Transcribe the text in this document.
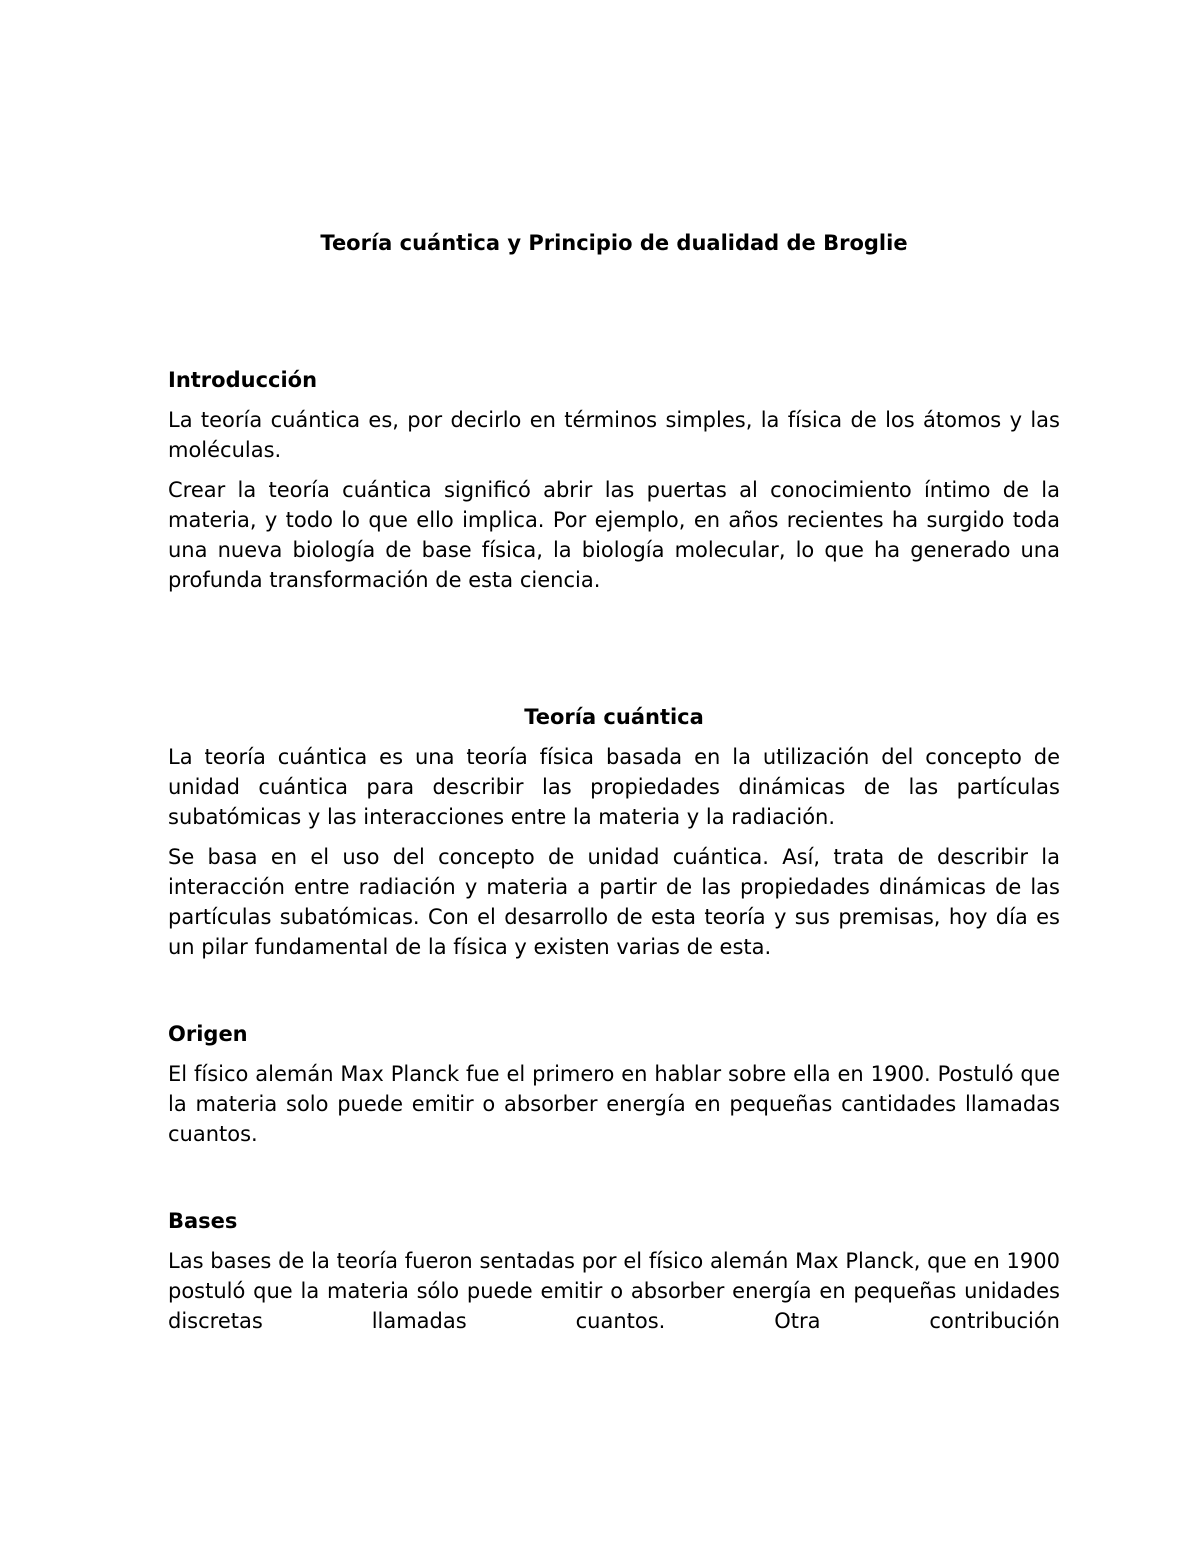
Teoría cuántica y Principio de dualidad de Broglie
Introducción

La teoría cuántica es, por decirlo en términos simples, la física de los átomos y las moléculas.

Crear la teoría cuántica significó abrir las puertas al conocimiento íntimo de la materia, y todo lo que ello implica. Por ejemplo, en años recientes ha surgido toda una nueva biología de base física, la biología molecular, lo que ha generado una profunda transformación de esta ciencia.

Teoría cuántica

La teoría cuántica es una teoría física basada en la utilización del concepto de unidad cuántica para describir las propiedades dinámicas de las partículas subatómicas y las interacciones entre la materia y la radiación.

Se basa en el uso del concepto de unidad cuántica. Así, trata de describir la interacción entre radiación y materia a partir de las propiedades dinámicas de las partículas subatómicas. Con el desarrollo de esta teoría y sus premisas, hoy día es un pilar fundamental de la física y existen varias de esta.

Origen

El físico alemán Max Planck fue el primero en hablar sobre ella en 1900. Postuló que la materia solo puede emitir o absorber energía en pequeñas cantidades llamadas cuantos.

Bases

Las bases de la teoría fueron sentadas por el físico alemán Max Planck, que en 1900 postuló que la materia sólo puede emitir o absorber energía en pequeñas unidades discretas llamadas cuantos. Otra contribución
